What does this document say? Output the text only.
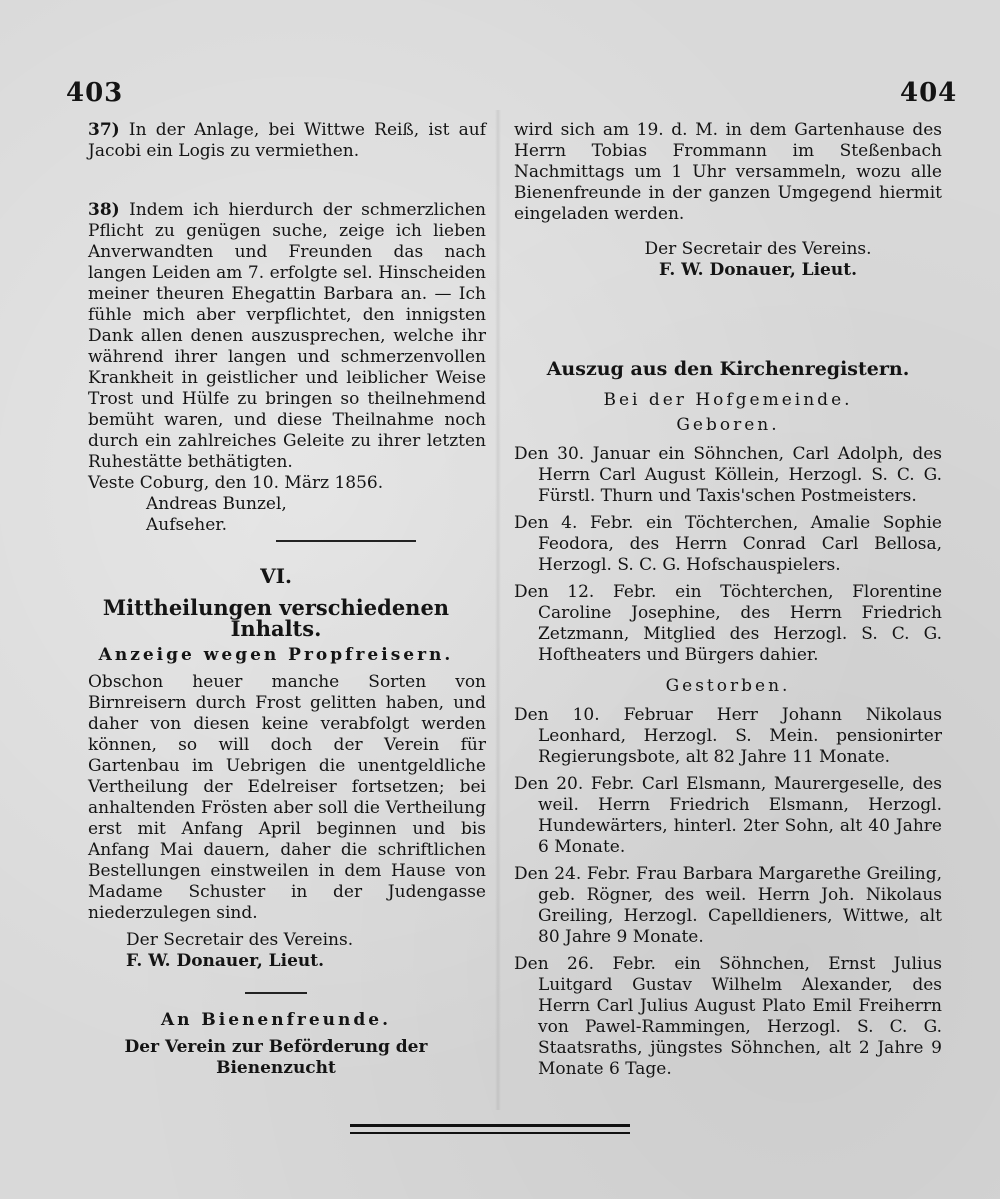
403	404

37) In der Anlage, bei Wittwe Reiß, ist auf Jacobi ein Logis zu vermiethen.

38) Indem ich hierdurch der schmerzlichen Pflicht zu genügen suche, zeige ich lieben Anverwandten und Freunden das nach langen Leiden am 7. erfolgte sel. Hinscheiden meiner theuren Ehegattin Barbara an. — Ich fühle mich aber verpflichtet, den innigsten Dank allen denen auszusprechen, welche ihr während ihrer langen und schmerzenvollen Krankheit in geistlicher und leiblicher Weise Trost und Hülfe zu bringen so theilnehmend bemüht waren, und diese Theilnahme noch durch ein zahlreiches Geleite zu ihrer letzten Ruhestätte bethätigten.

Veste Coburg, den 10. März 1856.

Andreas Bunzel,

Aufseher.

VI.
Mittheilungen verschiedenen Inhalts.
Anzeige wegen Propfreisern.

Obschon heuer manche Sorten von Birnreisern durch Frost gelitten haben, und daher von diesen keine verabfolgt werden können, so will doch der Verein für Gartenbau im Uebrigen die unentgeldliche Vertheilung der Edelreiser fortsetzen; bei anhaltenden Frösten aber soll die Vertheilung erst mit Anfang April beginnen und bis Anfang Mai dauern, daher die schriftlichen Bestellungen einstweilen in dem Hause von Madame Schuster in der Judengasse niederzulegen sind.

Der Secretair des Vereins.

F. W. Donauer, Lieut.

An Bienenfreunde.

Der Verein zur Beförderung der Bienenzucht

wird sich am 19. d. M. in dem Gartenhause des Herrn Tobias Frommann im Steßenbach Nachmittags um 1 Uhr versammeln, wozu alle Bienenfreunde in der ganzen Umgegend hiermit eingeladen werden.

Der Secretair des Vereins.

F. W. Donauer, Lieut.

Auszug aus den Kirchenregistern.
Bei der Hofgemeinde.
Geboren.

Den 30. Januar ein Söhnchen, Carl Adolph, des Herrn Carl August Köllein, Herzogl. S. C. G. Fürstl. Thurn und Taxis'schen Postmeisters.

Den 4. Febr. ein Töchterchen, Amalie Sophie Feodora, des Herrn Conrad Carl Bellosa, Herzogl. S. C. G. Hofschauspielers.

Den 12. Febr. ein Töchterchen, Florentine Caroline Josephine, des Herrn Friedrich Zetzmann, Mitglied des Herzogl. S. C. G. Hoftheaters und Bürgers dahier.

Gestorben.

Den 10. Februar Herr Johann Nikolaus Leonhard, Herzogl. S. Mein. pensionirter Regierungsbote, alt 82 Jahre 11 Monate.

Den 20. Febr. Carl Elsmann, Maurergeselle, des weil. Herrn Friedrich Elsmann, Herzogl. Hundewärters, hinterl. 2ter Sohn, alt 40 Jahre 6 Monate.

Den 24. Febr. Frau Barbara Margarethe Greiling, geb. Rögner, des weil. Herrn Joh. Nikolaus Greiling, Herzogl. Capelldieners, Wittwe, alt 80 Jahre 9 Monate.

Den 26. Febr. ein Söhnchen, Ernst Julius Luitgard Gustav Wilhelm Alexander, des Herrn Carl Julius August Plato Emil Freiherrn von Pawel-Rammingen, Herzogl. S. C. G. Staatsraths, jüngstes Söhnchen, alt 2 Jahre 9 Monate 6 Tage.
